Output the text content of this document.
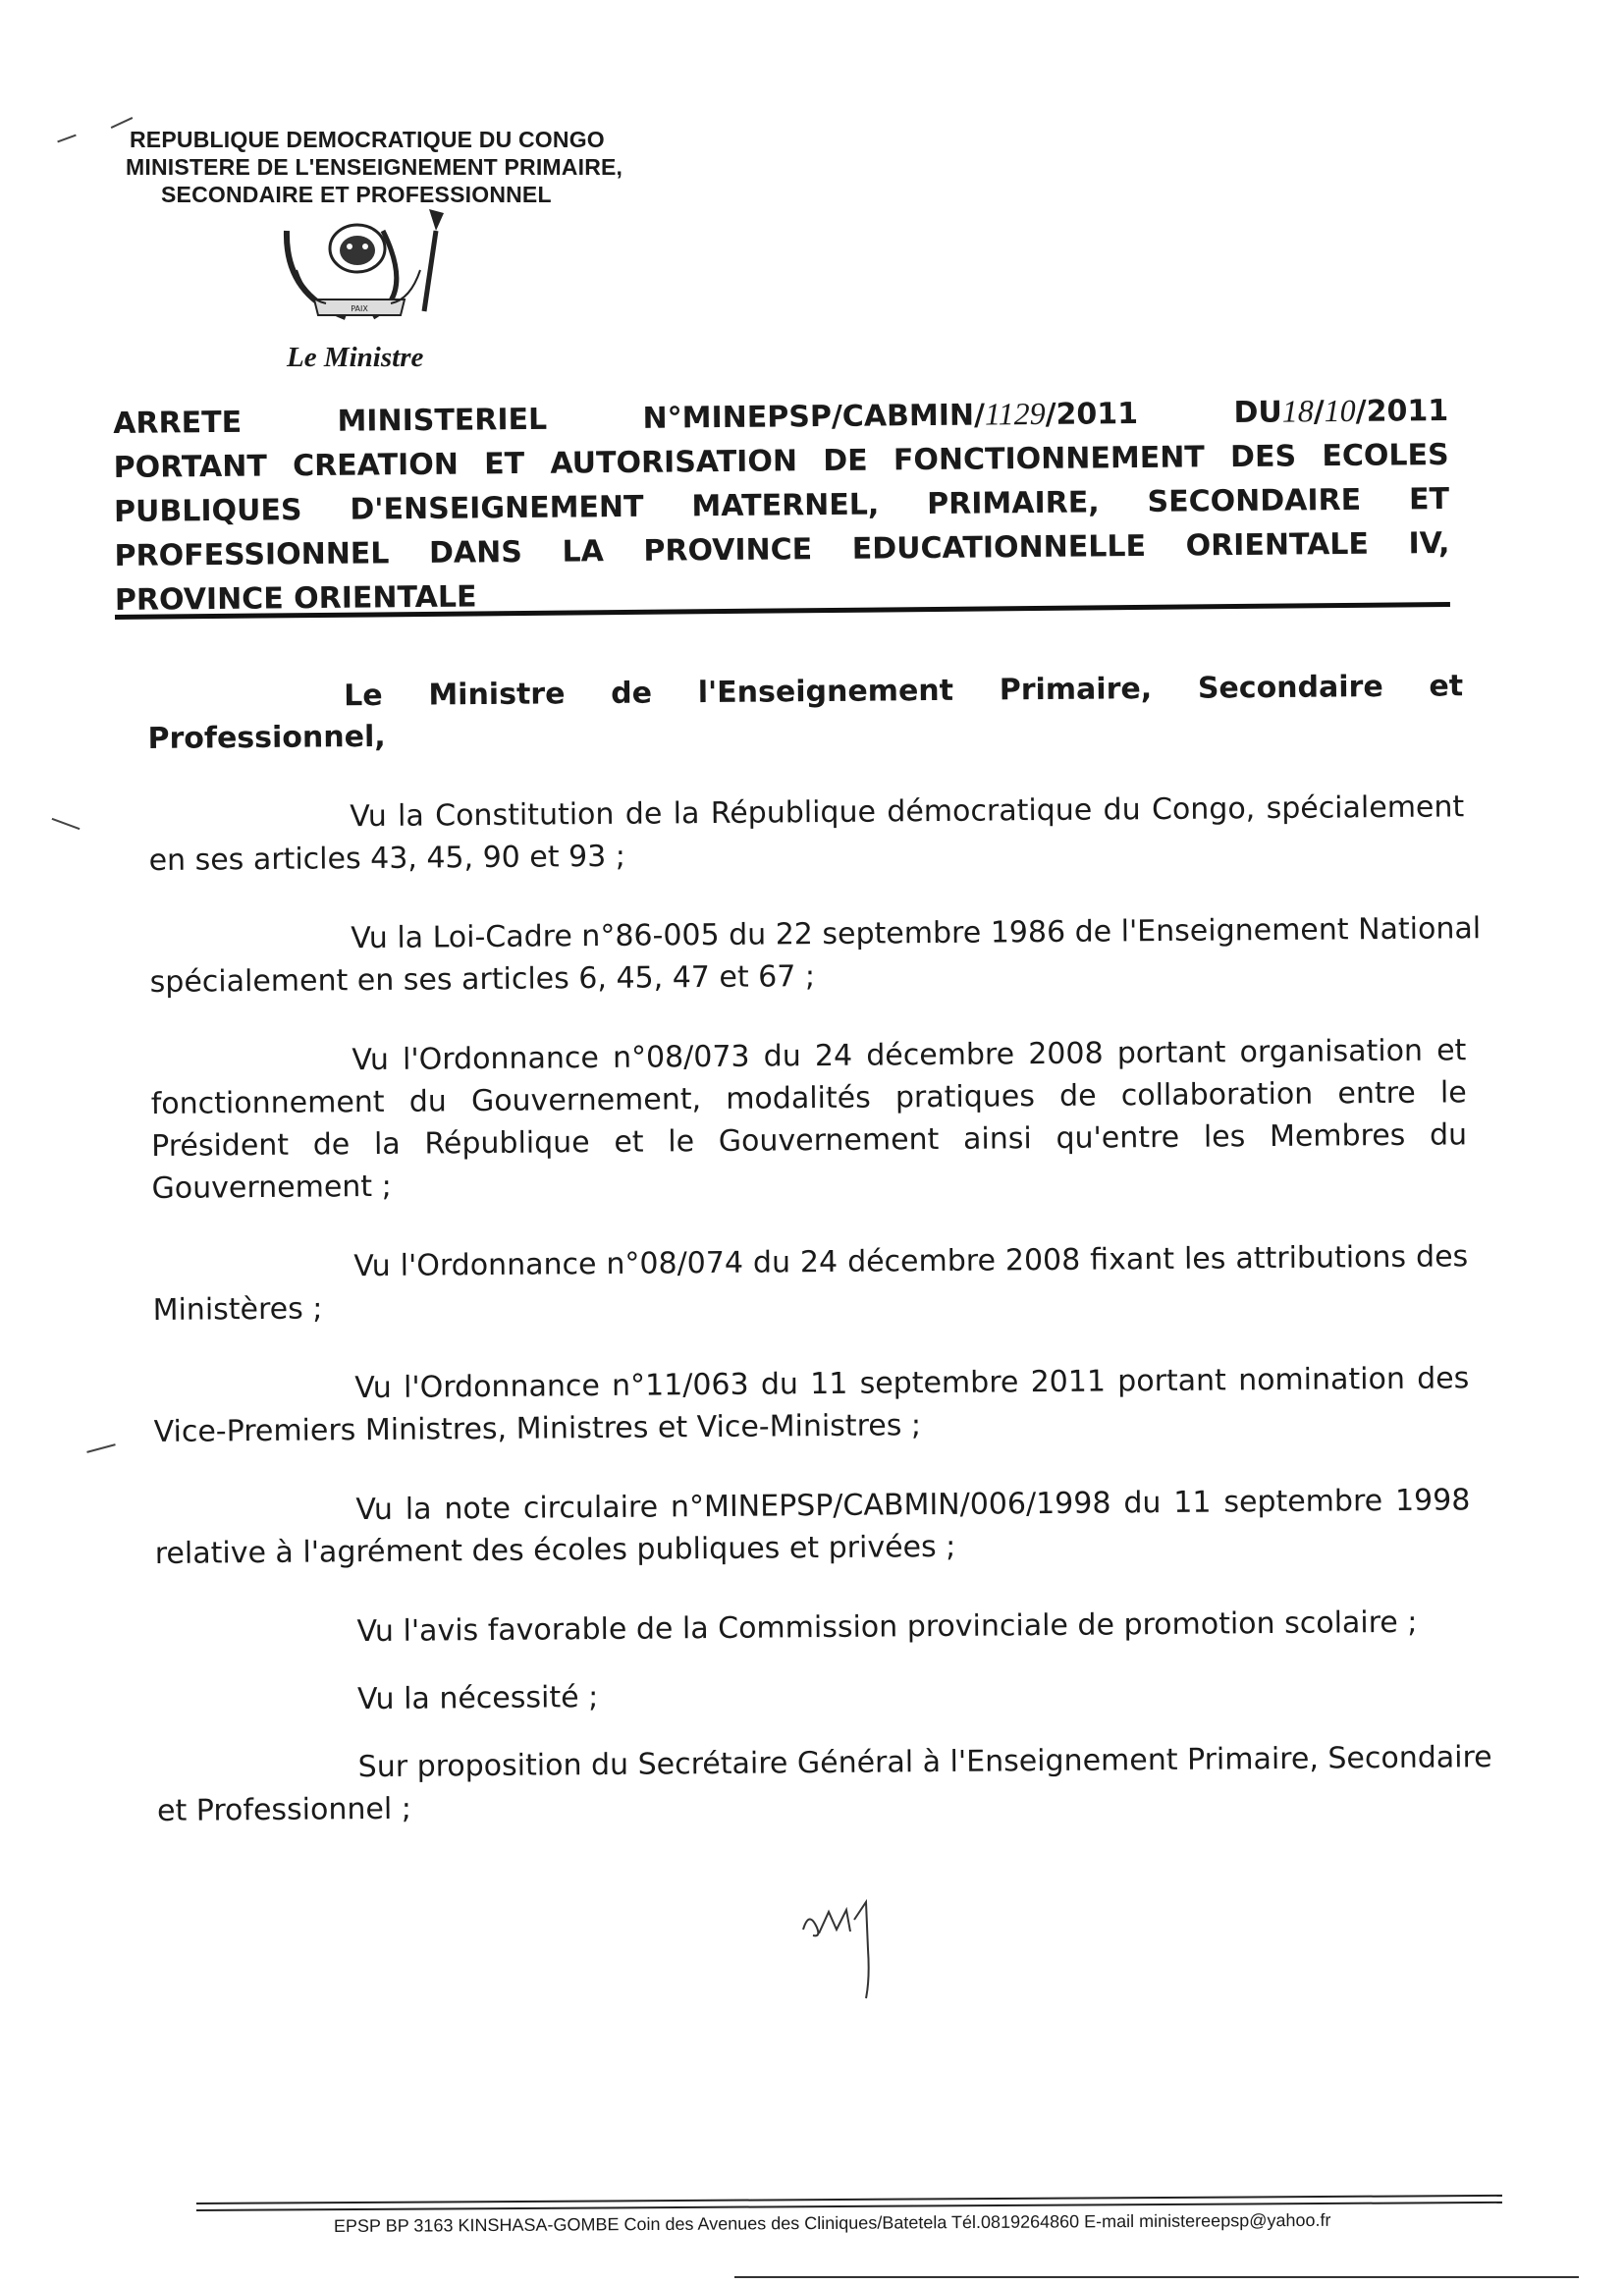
REPUBLIQUE DEMOCRATIQUE DU CONGO
MINISTERE DE L'ENSEIGNEMENT PRIMAIRE,
SECONDAIRE ET PROFESSIONNEL
PAIX
Le Ministre
ARRETE MINISTERIEL N°MINEPSP/CABMIN/1129/2011	DU18/10/2011
PORTANT CREATION ET AUTORISATION DE FONCTIONNEMENT DES ECOLES
PUBLIQUES D'ENSEIGNEMENT MATERNEL, PRIMAIRE, SECONDAIRE ET
PROFESSIONNEL DANS LA PROVINCE EDUCATIONNELLE ORIENTALE IV,
PROVINCE ORIENTALE
Le Ministre de l'Enseignement Primaire, Secondaire et
Professionnel,
Vu la Constitution de la République démocratique du Congo, spécialement
en ses articles 43, 45, 90 et 93 ;
Vu la Loi-Cadre n°86-005 du 22 septembre 1986 de l'Enseignement National
spécialement en ses articles 6, 45, 47 et 67 ;
Vu l'Ordonnance n°08/073 du 24 décembre 2008 portant organisation et
fonctionnement du Gouvernement, modalités pratiques de collaboration entre le
Président de la République et le Gouvernement ainsi qu'entre les Membres du
Gouvernement ;
Vu l'Ordonnance n°08/074 du 24 décembre 2008 fixant les attributions des
Ministères ;
Vu l'Ordonnance n°11/063 du 11 septembre 2011 portant nomination des
Vice-Premiers Ministres, Ministres et Vice-Ministres ;
Vu la note circulaire n°MINEPSP/CABMIN/006/1998 du 11 septembre 1998
relative à l'agrément des écoles publiques et privées ;
Vu l'avis favorable de la Commission provinciale de promotion scolaire ;
Vu la nécessité ;
Sur proposition du Secrétaire Général à l'Enseignement Primaire, Secondaire
et Professionnel ;
EPSP BP 3163 KINSHASA-GOMBE Coin des Avenues des Cliniques/Batetela Tél.0819264860 E-mail ministereepsp@yahoo.fr
